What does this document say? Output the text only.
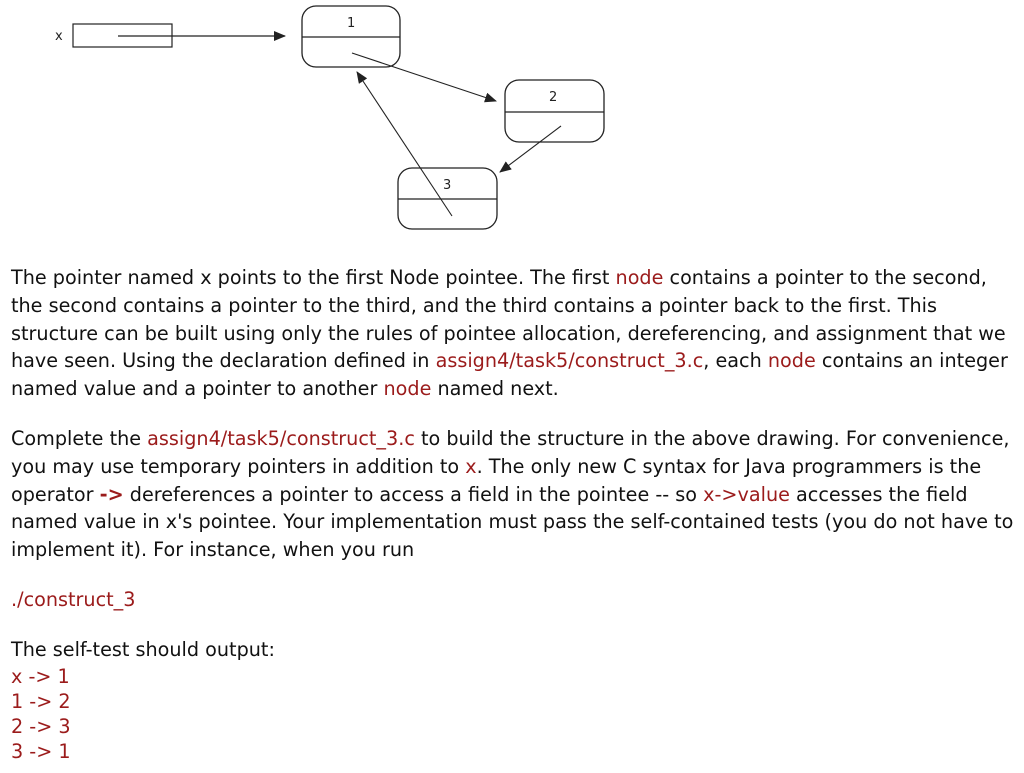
x
1
2
3

The pointer named x points to the first Node pointee. The first node contains a pointer to the second, the second contains a pointer to the third, and the third contains a pointer back to the first. This structure can be built using only the rules of pointee allocation, dereferencing, and assignment that we have seen. Using the declaration defined in assign4/task5/construct_3.c, each node contains an integer named value and a pointer to another node named next.

Complete the assign4/task5/construct_3.c to build the structure in the above drawing. For convenience, you may use temporary pointers in addition to x. The only new C syntax for Java programmers is the operator -> dereferences a pointer to access a field in the pointee -- so x->value accesses the field named value in x's pointee. Your implementation must pass the self-contained tests (you do not have to implement it). For instance, when you run

./construct_3

The self-test should output:

x -> 1
1 -> 2
2 -> 3
3 -> 1
